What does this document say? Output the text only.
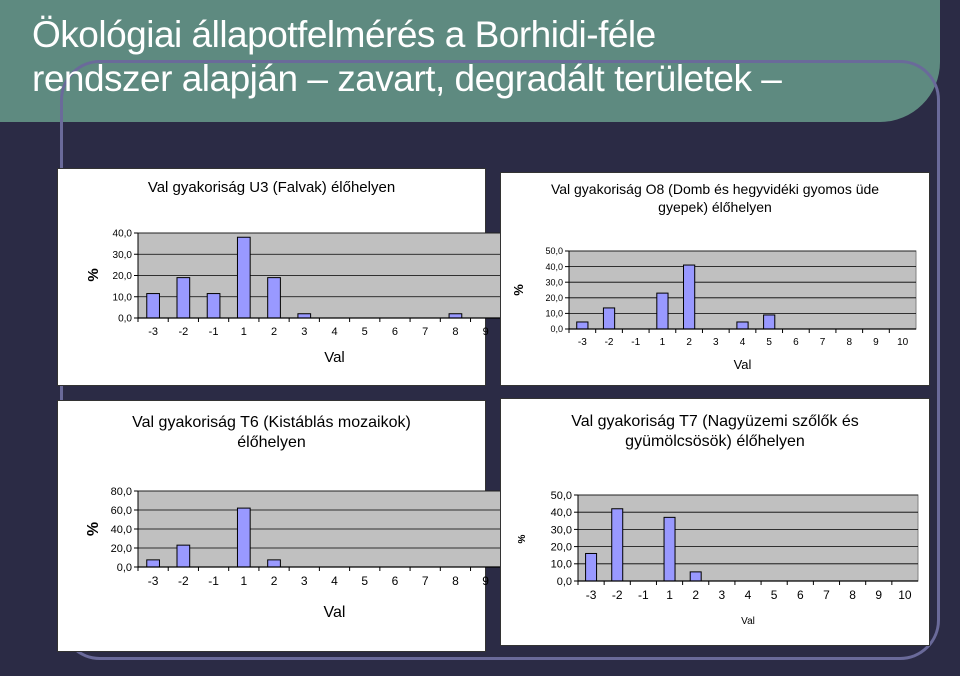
Ökológiai állapotfelmérés a Borhidi-féle
rendszer alapján – zavart, degradált területek –
Val gyakoriság U3 (Falvak) élőhelyen
0,0
10,0
20,0
30,0
40,0
-3 -2 -1 1 2 3 4 5 6 7 8 9
Val
%
Val gyakoriság O8 (Domb és hegyvidéki gyomos üde gyepek) élőhelyen
0,0
10,0
20,0
30,0
40,0
50,0
-3 -2 -1 1 2 3 4 5 6 7 8 9 10
Val
%
Val gyakoriság T6 (Kistáblás mozaikok) élőhelyen
0,0
20,0
40,0
60,0
80,0
-3 -2 -1 1 2 3 4 5 6 7 8 9
Val
%
Val gyakoriság T7 (Nagyüzemi szőlők és gyümölcsösök) élőhelyen
0,0
10,0
20,0
30,0
40,0
50,0
-3 -2 -1 1 2 3 4 5 6 7 8 9 10
Val
%
